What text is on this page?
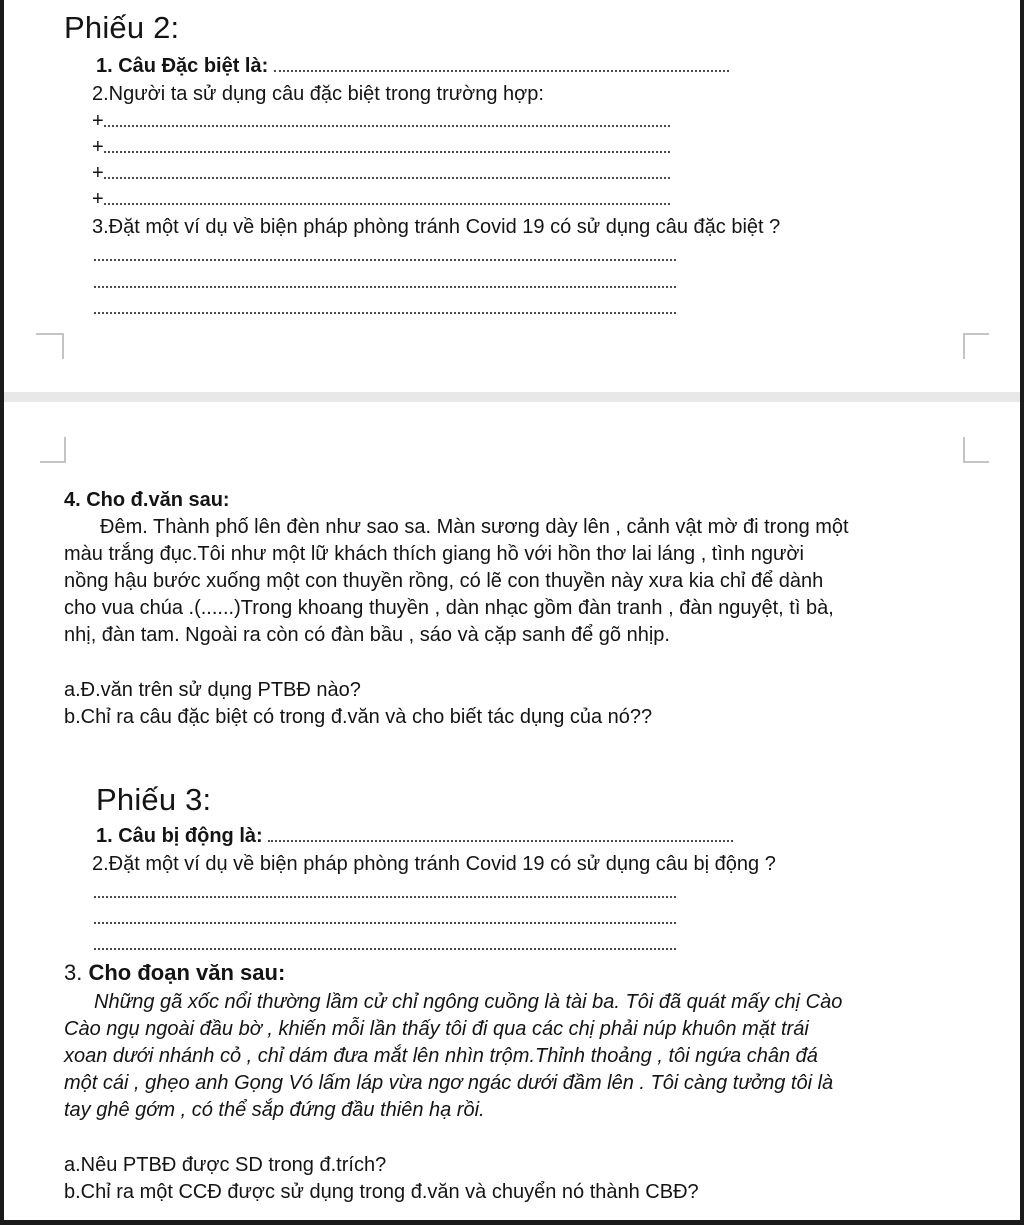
Phiếu 2:
1. Câu Đặc biệt là:
2.Người ta sử dụng câu đặc biệt trong trường hợp:
+
+
+
+
3.Đặt một ví dụ về biện pháp phòng tránh Covid 19 có sử dụng câu đặc biệt ?
4. Cho đ.văn sau:
Đêm. Thành phố lên đèn như sao sa. Màn sương dày lên , cảnh vật mờ đi trong một
màu trắng đục.Tôi như một lữ khách thích giang hồ với hồn thơ lai láng , tình người
nồng hậu bước xuống một con thuyền rồng, có lẽ con thuyền này xưa kia chỉ để dành
cho vua chúa .(......)Trong khoang thuyền , dàn nhạc gồm đàn tranh , đàn nguyệt, tì bà,
nhị, đàn tam. Ngoài ra còn có đàn bầu , sáo và cặp sanh để gõ nhịp.
a.Đ.văn trên sử dụng PTBĐ nào?
b.Chỉ ra câu đặc biệt có trong đ.văn và cho biết tác dụng của nó??
Phiếu 3:
1. Câu bị động là:
2.Đặt một ví dụ về biện pháp phòng tránh Covid 19 có sử dụng câu bị động ?
3. Cho đoạn văn sau:
Những gã xốc nổi thường lầm cử chỉ ngông cuồng là tài ba. Tôi đã quát mấy chị Cào
Cào ngụ ngoài đầu bờ , khiến mỗi lần thấy tôi đi qua các chị phải núp khuôn mặt trái
xoan dưới nhánh cỏ , chỉ dám đưa mắt lên nhìn trộm.Thỉnh thoảng , tôi ngứa chân đá
một cái , ghẹo anh Gọng Vó lấm láp vừa ngơ ngác dưới đầm lên . Tôi càng tưởng tôi là
tay ghê gớm , có thể sắp đứng đầu thiên hạ rồi.
a.Nêu PTBĐ được SD trong đ.trích?
b.Chỉ ra một CCĐ được sử dụng trong đ.văn và chuyển nó thành CBĐ?
